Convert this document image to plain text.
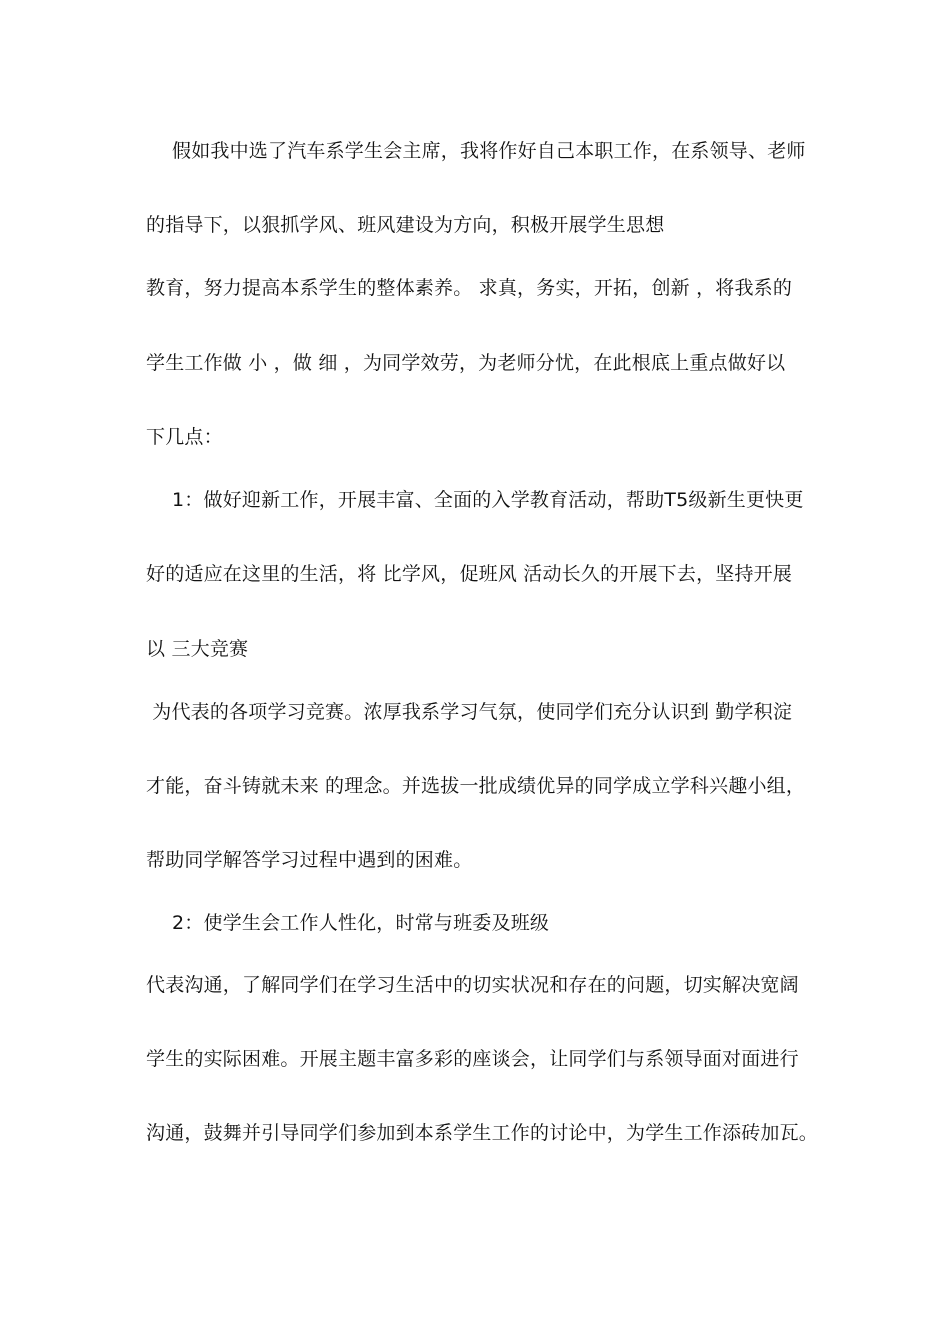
假如我中选了汽车系学生会主席，我将作好自己本职工作，在系领导、老师
的指导下，以狠抓学风、班风建设为方向，积极开展学生思想
教育，努力提高本系学生的整体素养。 求真，务实，开拓，创新 ，将我系的
学生工作做 小 ，做 细 ，为同学效劳，为老师分忧，在此根底上重点做好以
下几点：
1：做好迎新工作，开展丰富、全面的入学教育活动，帮助T5级新生更快更
好的适应在这里的生活，将 比学风，促班风 活动长久的开展下去，坚持开展
以 三大竞赛
为代表的各项学习竞赛。浓厚我系学习气氛，使同学们充分认识到 勤学积淀
才能，奋斗铸就未来 的理念。并选拔一批成绩优异的同学成立学科兴趣小组，
帮助同学解答学习过程中遇到的困难。
2：使学生会工作人性化，时常与班委及班级
代表沟通，了解同学们在学习生活中的切实状况和存在的问题，切实解决宽阔
学生的实际困难。开展主题丰富多彩的座谈会，让同学们与系领导面对面进行
沟通，鼓舞并引导同学们参加到本系学生工作的讨论中，为学生工作添砖加瓦。
